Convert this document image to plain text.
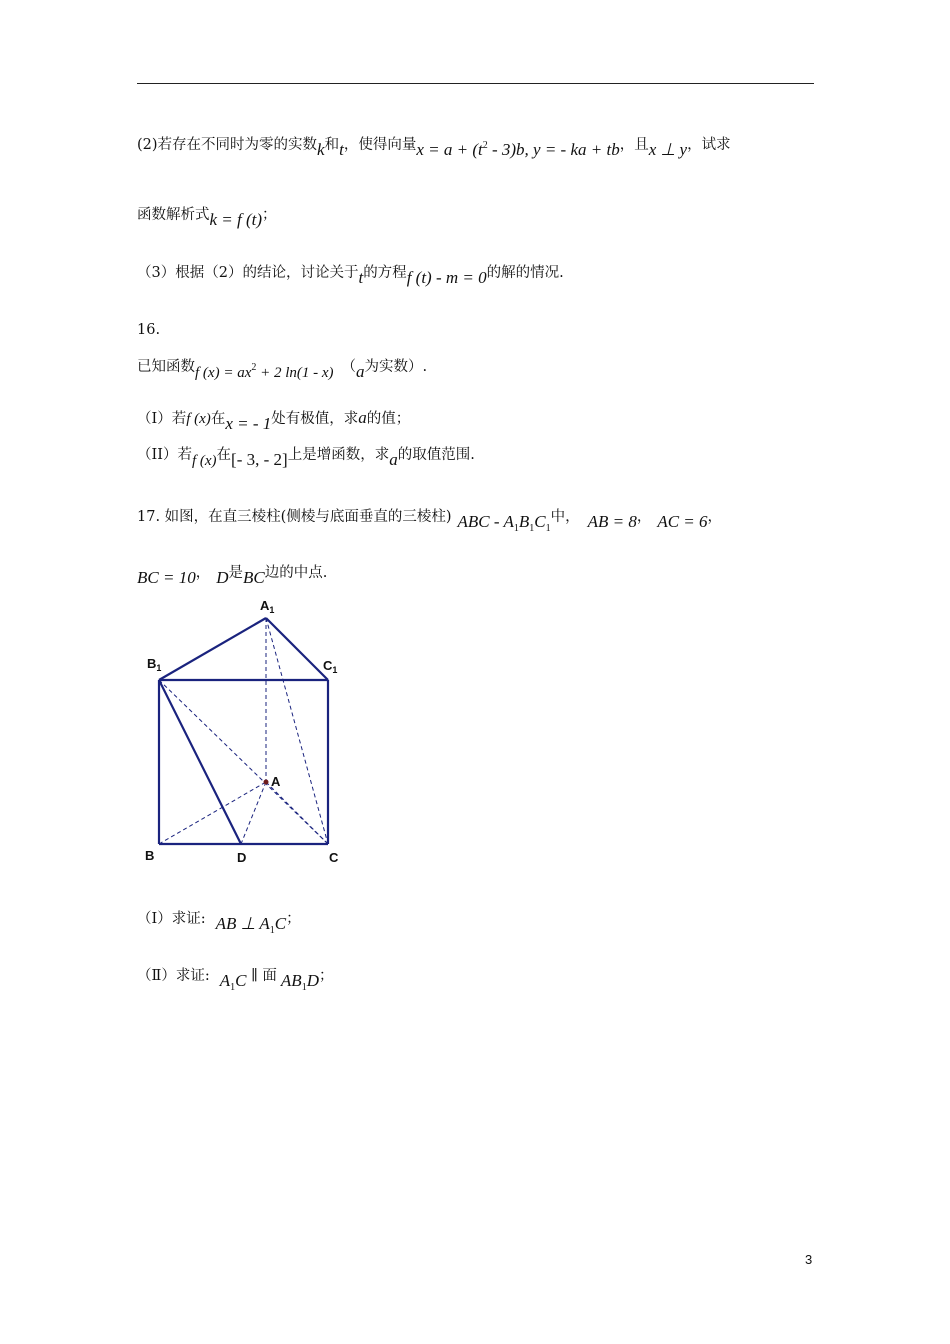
(2)若存在不同时为零的实数k和t，使得向量$x = a + (t^2 - 3)b$, y = - ka + tb，且x ⊥ y，试求
函数解析式k = f (t)；
（3）根据（2）的结论，讨论关于t的方程f (t) - m = 0的解的情况.
16.
已知函数f $(x) = ax^2 + 2$ ln(1 - x) （a为实数）.
（I）若f (x)在x = - 1处有极值，求a的值；
（II）若f (x)在[- 3, - 2]上是增函数，求a的取值范围.
17. 如图，在直三棱柱(侧棱与底面垂直的三棱柱) ABC - $A_1B_1C_1$中， AB = 8， AC = 6，
BC = 10， D是BC边的中点.
$A_1$
$B_1$	$C_1$
A
B	D	C
（Ⅰ）求证: AB ⊥ $A_1C$；
（Ⅱ）求证: $A_1C$ ∥ 面 $AB_1D$；
3
